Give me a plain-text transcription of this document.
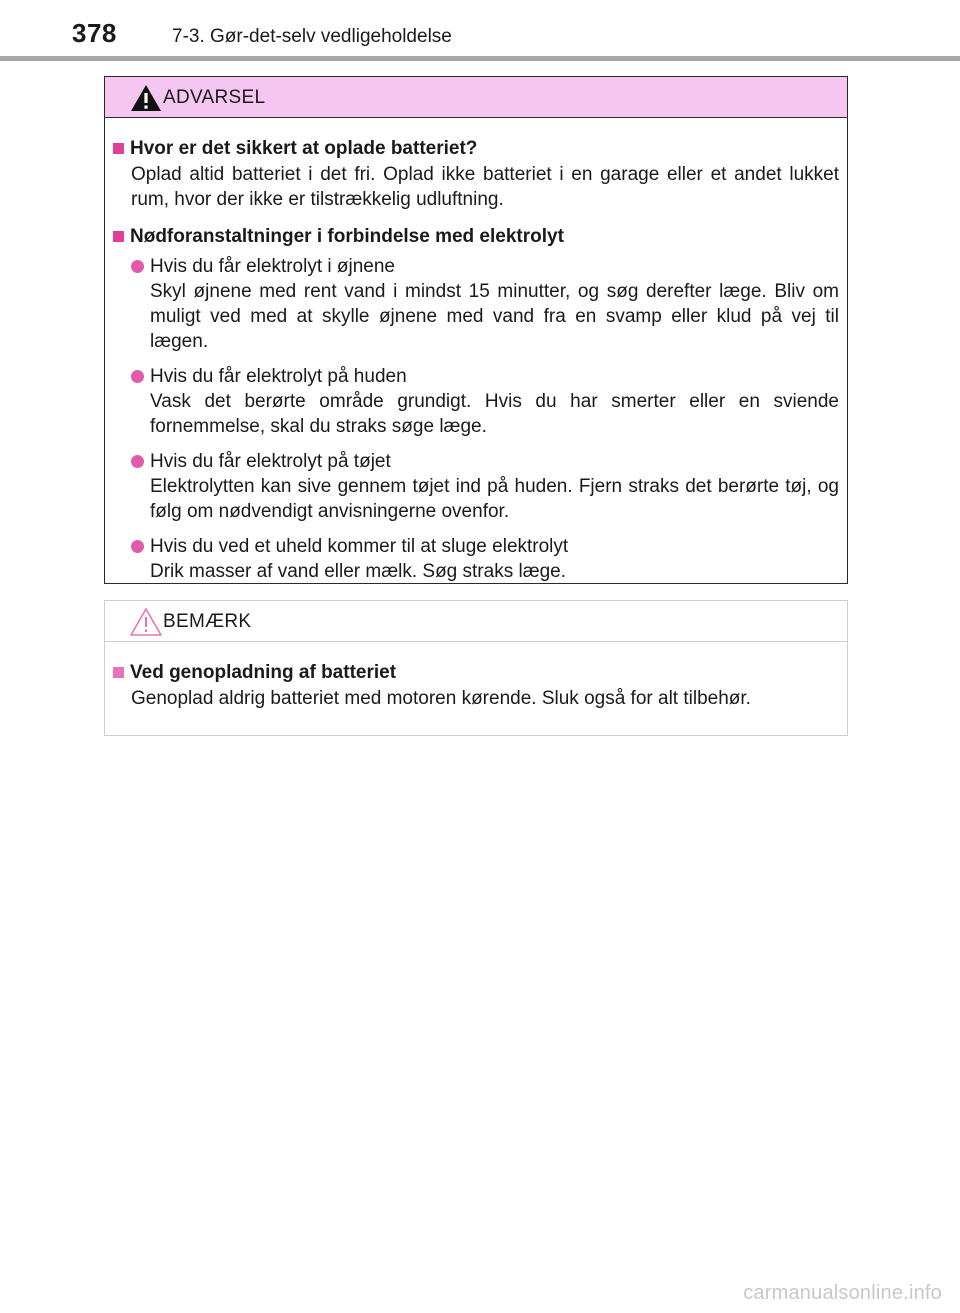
378	7-3. Gør-det-selv vedligeholdelse
ADVARSEL
Hvor er det sikkert at oplade batteriet?
Oplad altid batteriet i det fri. Oplad ikke batteriet i en garage eller et andet lukket rum, hvor der ikke er tilstrækkelig udluftning.
Nødforanstaltninger i forbindelse med elektrolyt
Hvis du får elektrolyt i øjnene
Skyl øjnene med rent vand i mindst 15 minutter, og søg derefter læge. Bliv om muligt ved med at skylle øjnene med vand fra en svamp eller klud på vej til lægen.
Hvis du får elektrolyt på huden
Vask det berørte område grundigt. Hvis du har smerter eller en sviende fornemmelse, skal du straks søge læge.
Hvis du får elektrolyt på tøjet
Elektrolytten kan sive gennem tøjet ind på huden. Fjern straks det berørte tøj, og følg om nødvendigt anvisningerne ovenfor.
Hvis du ved et uheld kommer til at sluge elektrolyt
Drik masser af vand eller mælk. Søg straks læge.
BEMÆRK
Ved genopladning af batteriet
Genoplad aldrig batteriet med motoren kørende. Sluk også for alt tilbehør.
carmanualsonline.info
